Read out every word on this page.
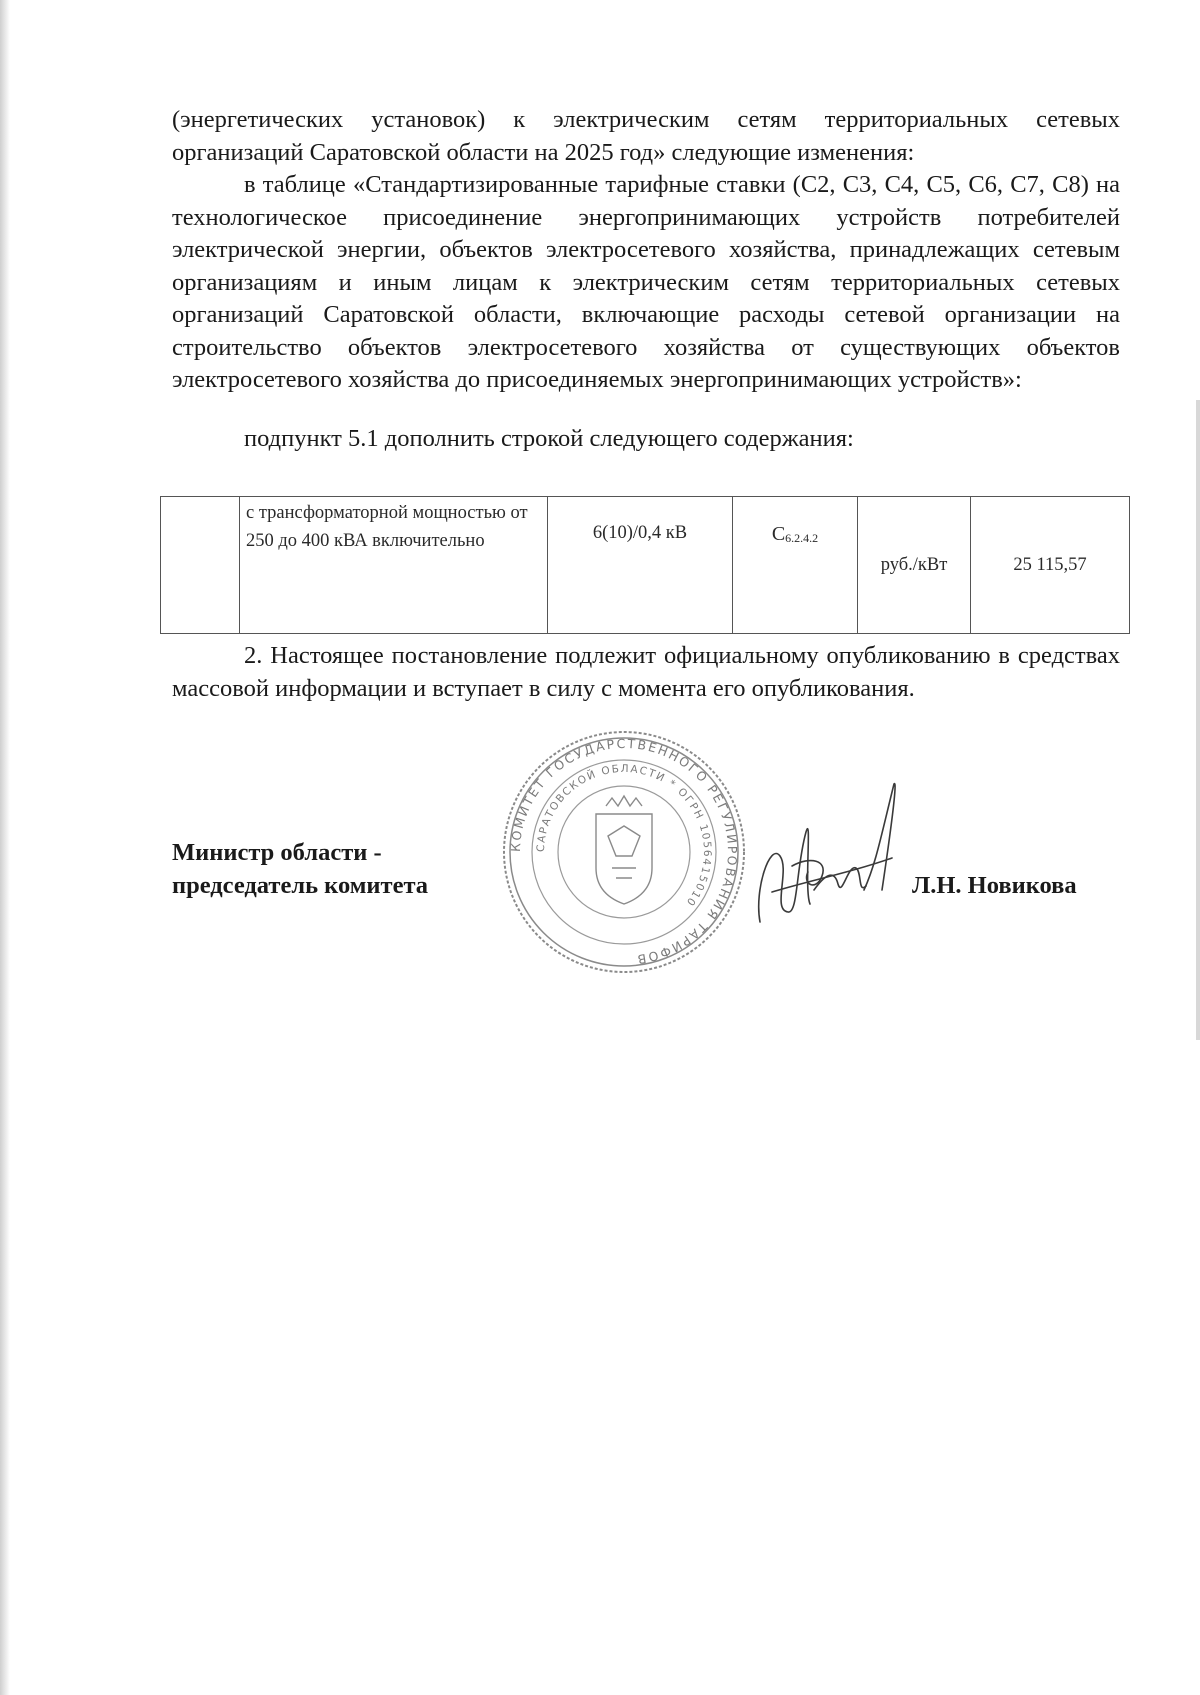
(энергетических установок) к электрическим сетям территориальных сетевых организаций Саратовской области на 2025 год» следующие изменения:

в таблице «Стандартизированные тарифные ставки (С2, С3, С4, С5, С6, С7, С8) на технологическое присоединение энергопринимающих устройств потребителей электрической энергии, объектов электросетевого хозяйства, принадлежащих сетевым организациям и иным лицам к электрическим сетям территориальных сетевых организаций Саратовской области, включающие расходы сетевой организации на строительство объектов электросетевого хозяйства от существующих объектов электросетевого хозяйства до присоединяемых энергопринимающих устройств»:

подпункт 5.1 дополнить строкой следующего содержания:

	с трансформаторной мощностью от 250 до 400 кВА включительно	6(10)/0,4 кВ	С6.2.4.2	руб./кВт	25 115,57

2. Настоящее постановление подлежит официальному опубликованию в средствах массовой информации и вступает в силу с момента его опубликования.

Министр области -
председатель комитета
КОМИТЕТ ГОСУДАРСТВЕННОГО РЕГУЛИРОВАНИЯ ТАРИФОВ
САРАТОВСКОЙ ОБЛАСТИ * ОГРН 1056415010
Л.Н. Новикова
